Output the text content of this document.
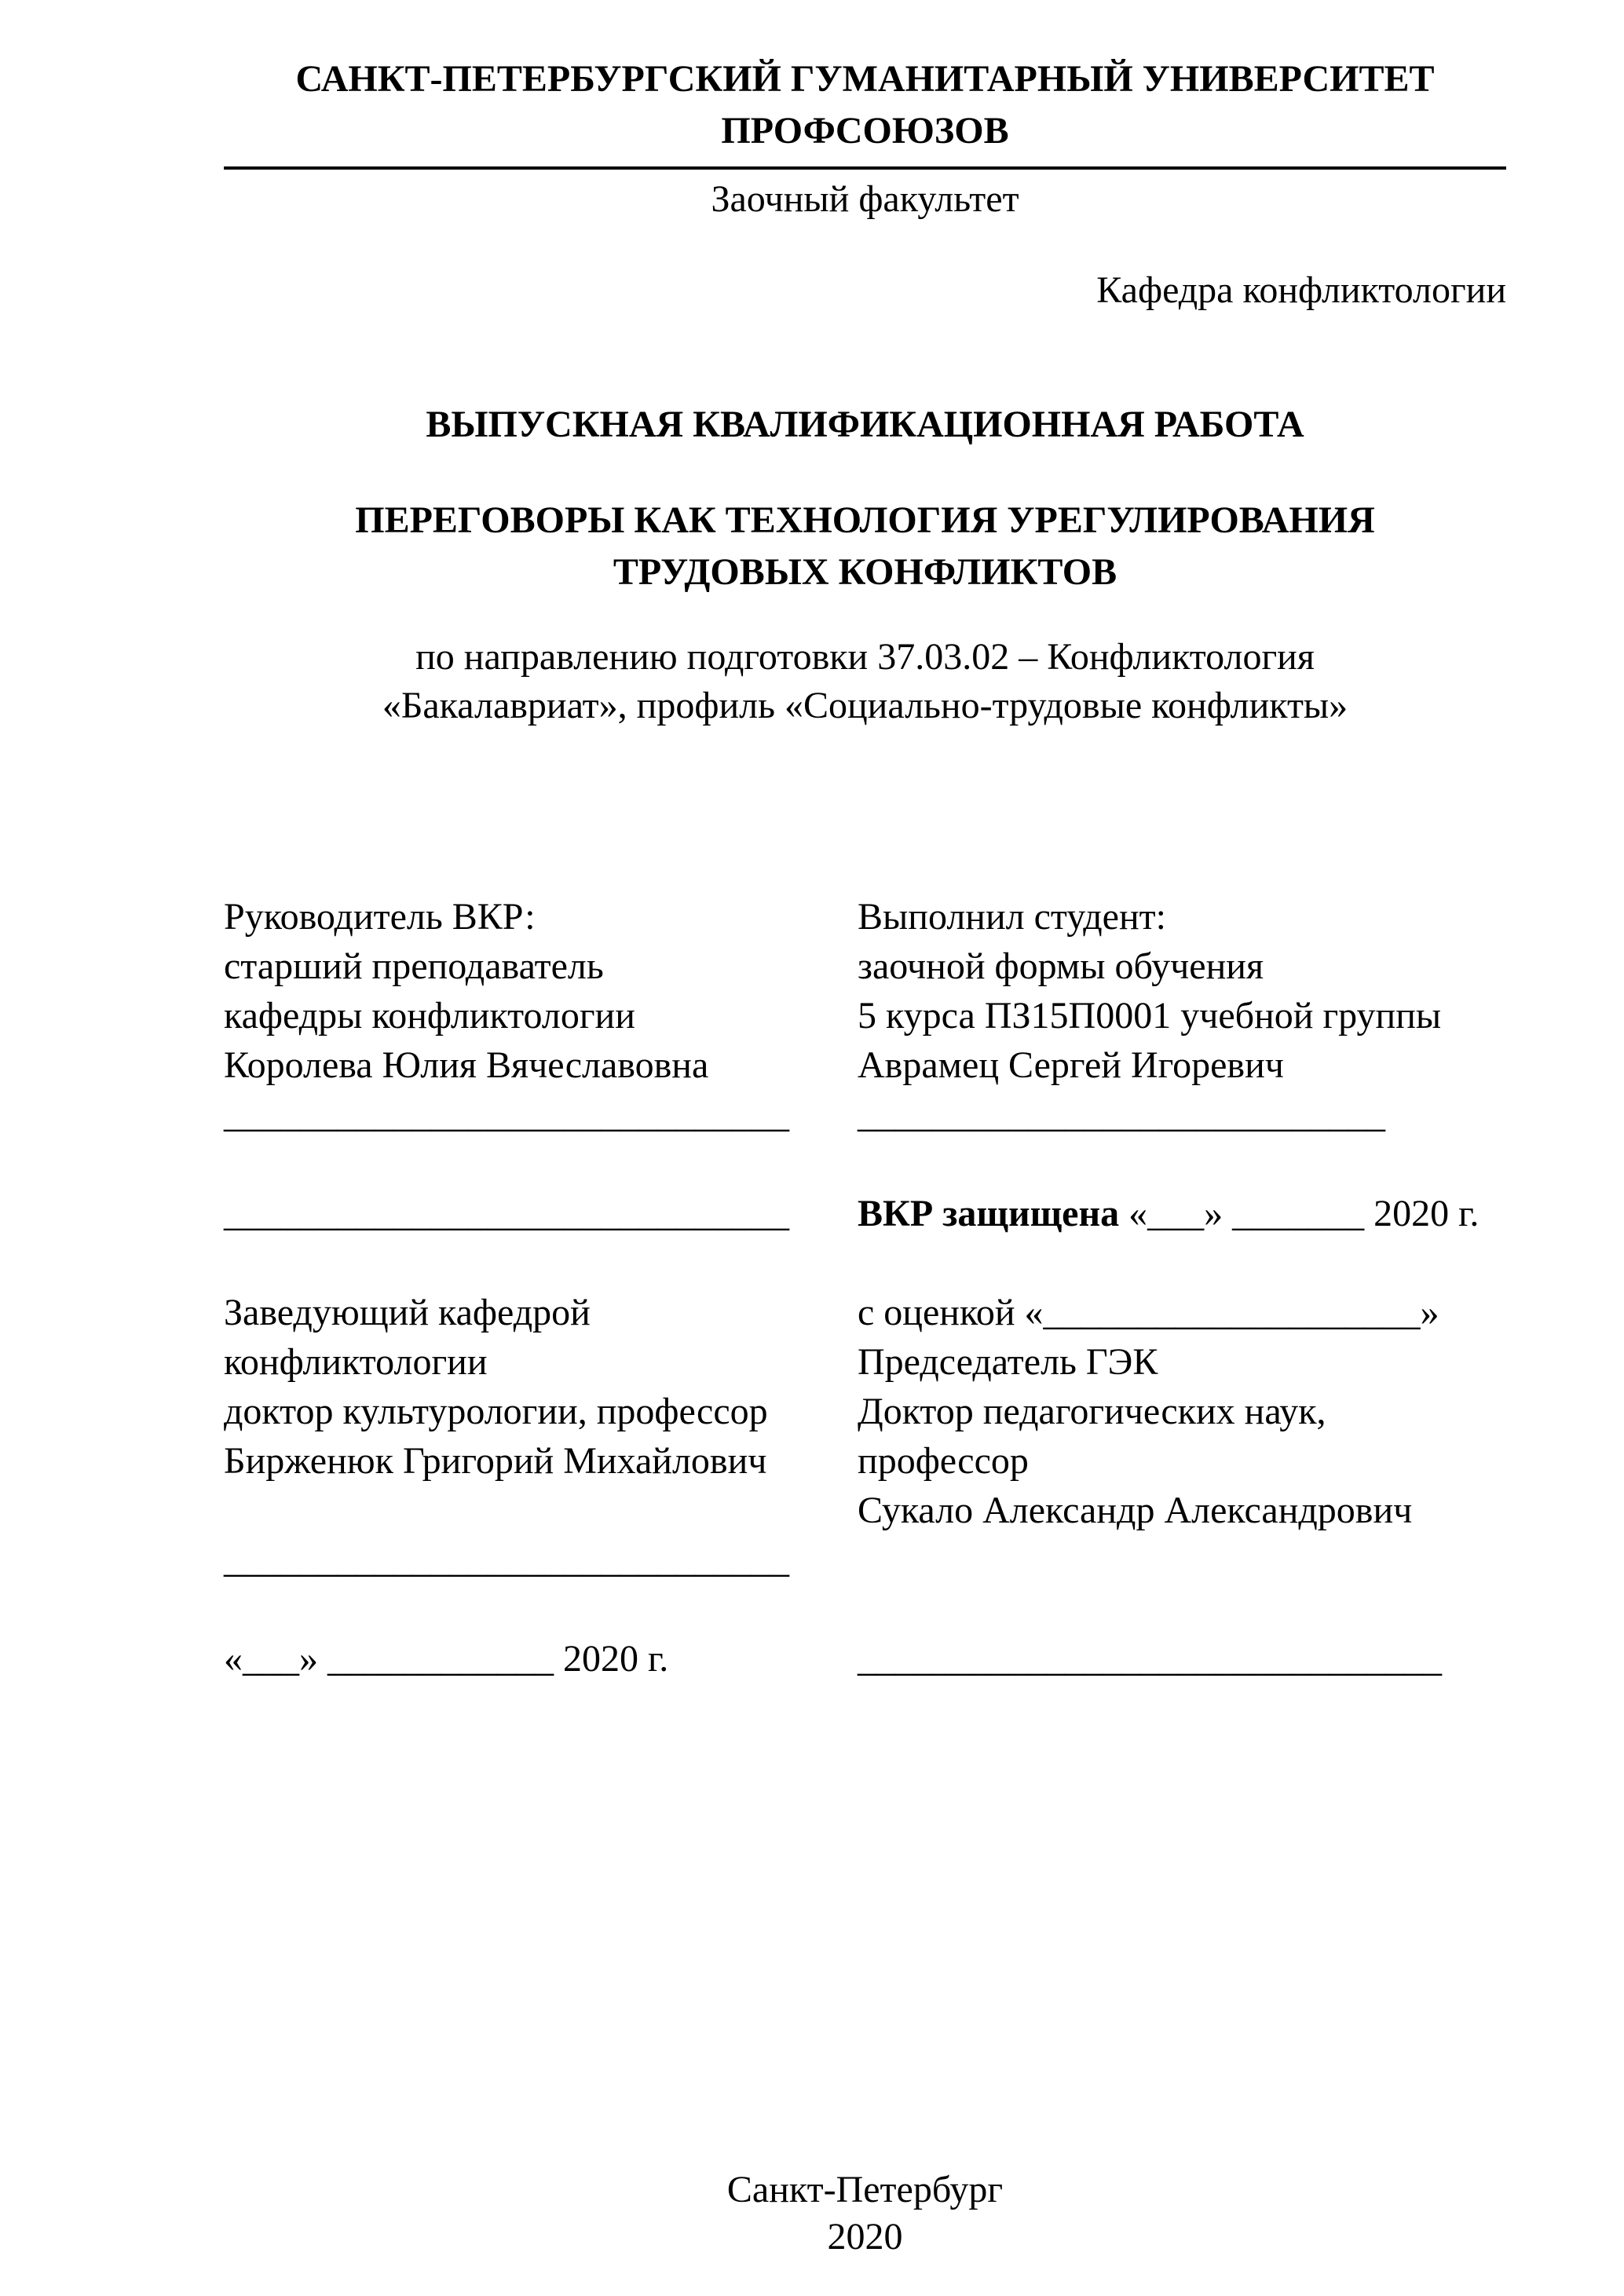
САНКТ-ПЕТЕРБУРГСКИЙ ГУМАНИТАРНЫЙ УНИВЕРСИТЕТ
ПРОФСОЮЗОВ
Заочный факультет
Кафедра конфликтологии
ВЫПУСКНАЯ КВАЛИФИКАЦИОННАЯ РАБОТА
ПЕРЕГОВОРЫ КАК ТЕХНОЛОГИЯ УРЕГУЛИРОВАНИЯ
ТРУДОВЫХ КОНФЛИКТОВ
по направлению подготовки 37.03.02 – Конфликтология
«Бакалавриат», профиль «Социально-трудовые конфликты»
Руководитель ВКР:
старший преподаватель
кафедры конфликтологии
Королева Юлия Вячеславовна
______________________________
______________________________
Заведующий кафедрой
конфликтологии
доктор культурологии, профессор
Бирженюк Григорий Михайлович
______________________________
«___» ____________ 2020 г.
Выполнил студент:
заочной формы обучения
5 курса ПЗ15П0001 учебной группы
Аврамец Сергей Игоревич
____________________________
ВКР защищена «___» _______ 2020 г.
с оценкой «____________________»
Председатель ГЭК
Доктор педагогических наук,
профессор
Сукало Александр Александрович
_______________________________
Санкт-Петербург
2020
